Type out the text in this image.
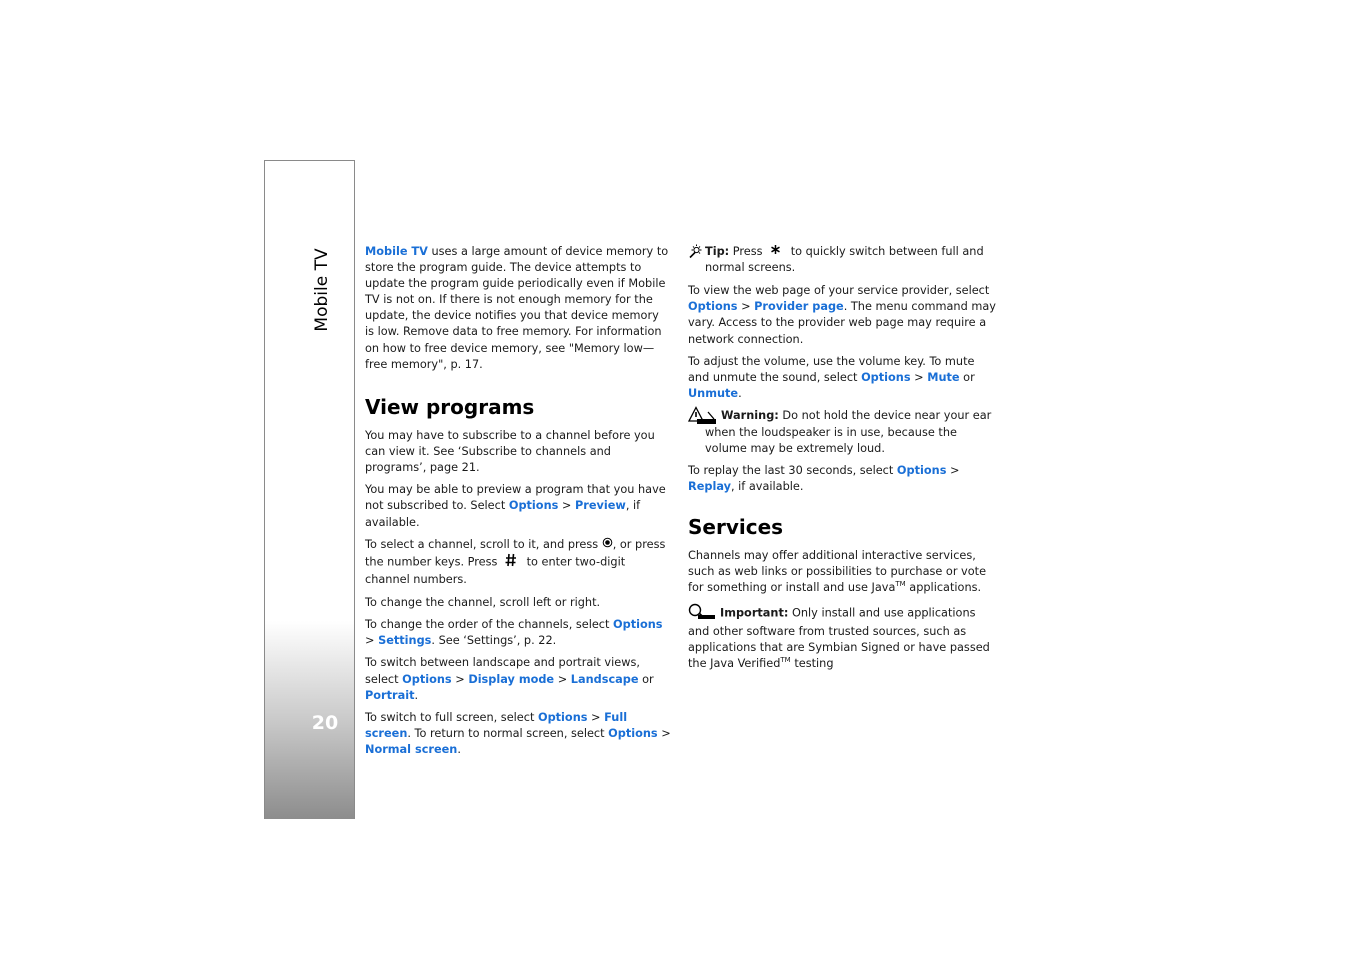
Mobile TV
20

Mobile TV uses a large amount of device memory to store the program guide. The device attempts to update the program guide periodically even if Mobile TV is not on. If there is not enough memory for the update, the device notifies you that device memory is low. Remove data to free memory. For information on how to free device memory, see "Memory low—free memory", p. 17.

View programs

You may have to subscribe to a channel before you can view it. See ‘Subscribe to channels and programs’, page 21.

You may be able to preview a program that you have not subscribed to. Select Options > Preview, if available.

To select a channel, scroll to it, and press , or press the number keys. Press  to enter two-digit channel numbers.

To change the channel, scroll left or right.

To change the order of the channels, select Options > Settings. See ‘Settings’, p. 22.

To switch between landscape and portrait views, select Options > Display mode > Landscape or Portrait.

To switch to full screen, select Options > Full screen. To return to normal screen, select Options > Normal screen.

Tip: Press  to quickly switch between full and normal screens.

To view the web page of your service provider, select Options > Provider page. The menu command may vary. Access to the provider web page may require a network connection.

To adjust the volume, use the volume key. To mute and unmute the sound, select Options > Mute or Unmute.

Warning: Do not hold the device near your ear when the loudspeaker is in use, because the volume may be extremely loud.

To replay the last 30 seconds, select Options > Replay, if available.

Services

Channels may offer additional interactive services, such as web links or possibilities to purchase or vote for something or install and use Java™ applications.

Important: Only install and use applications and other software from trusted sources, such as applications that are Symbian Signed or have passed the Java Verified™ testing
